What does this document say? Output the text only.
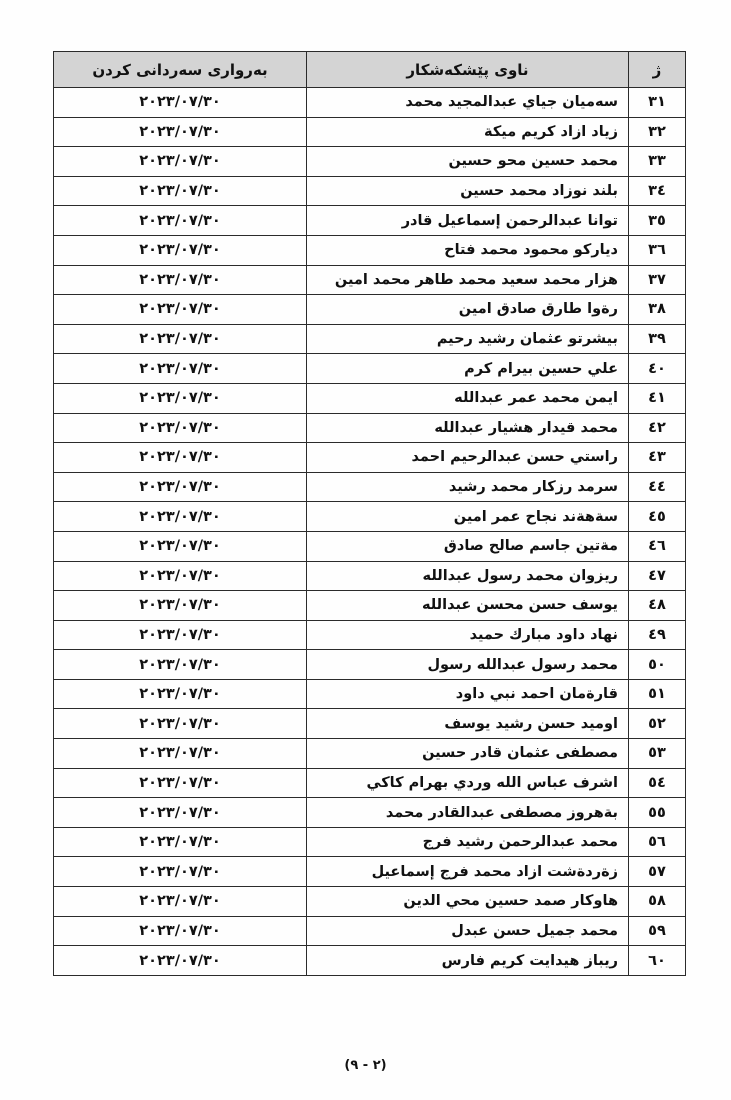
ژ	ناوی پێشکەشکار	بەرواری سەردانی کردن
٣١	سەمیان جیاي عبدالمجید محمد	٢٠٢٣/٠٧/٣٠
٣٢	زیاد ازاد کریم میکة	٢٠٢٣/٠٧/٣٠
٣٣	محمد حسین محو حسین	٢٠٢٣/٠٧/٣٠
٣٤	بلند نوزاد محمد حسین	٢٠٢٣/٠٧/٣٠
٣٥	توانا عبدالرحمن إسماعیل قادر	٢٠٢٣/٠٧/٣٠
٣٦	دیارکو محمود محمد فتاح	٢٠٢٣/٠٧/٣٠
٣٧	هزار محمد سعید محمد طاهر محمد امین	٢٠٢٣/٠٧/٣٠
٣٨	رةوا طارق صادق امین	٢٠٢٣/٠٧/٣٠
٣٩	بیشرتو عثمان رشید رحیم	٢٠٢٣/٠٧/٣٠
٤٠	علي حسین بیرام کرم	٢٠٢٣/٠٧/٣٠
٤١	ایمن محمد عمر عبدالله	٢٠٢٣/٠٧/٣٠
٤٢	محمد قیدار هشیار عبدالله	٢٠٢٣/٠٧/٣٠
٤٣	راستي حسن عبدالرحیم احمد	٢٠٢٣/٠٧/٣٠
٤٤	سرمد رزکار محمد رشید	٢٠٢٣/٠٧/٣٠
٤٥	سةهةند نجاح عمر امین	٢٠٢٣/٠٧/٣٠
٤٦	مةتین جاسم صالح صادق	٢٠٢٣/٠٧/٣٠
٤٧	ریزوان محمد رسول عبدالله	٢٠٢٣/٠٧/٣٠
٤٨	یوسف حسن محسن عبدالله	٢٠٢٣/٠٧/٣٠
٤٩	نهاد داود مبارك حمید	٢٠٢٣/٠٧/٣٠
٥٠	محمد رسول عبدالله رسول	٢٠٢٣/٠٧/٣٠
٥١	قارةمان احمد نبي داود	٢٠٢٣/٠٧/٣٠
٥٢	اومید حسن رشید یوسف	٢٠٢٣/٠٧/٣٠
٥٣	مصطفى عثمان قادر حسین	٢٠٢٣/٠٧/٣٠
٥٤	اشرف عباس الله وردي بهرام کاکي	٢٠٢٣/٠٧/٣٠
٥٥	بةهروز مصطفى عبدالقادر محمد	٢٠٢٣/٠٧/٣٠
٥٦	محمد عبدالرحمن رشید فرج	٢٠٢٣/٠٧/٣٠
٥٧	زةردةشت ازاد محمد فرج إسماعیل	٢٠٢٣/٠٧/٣٠
٥٨	هاوکار صمد حسین محي الدین	٢٠٢٣/٠٧/٣٠
٥٩	محمد جمیل حسن عبدل	٢٠٢٣/٠٧/٣٠
٦٠	ریباز هیدایت کریم فارس	٢٠٢٣/٠٧/٣٠
(٢ - ٩)
